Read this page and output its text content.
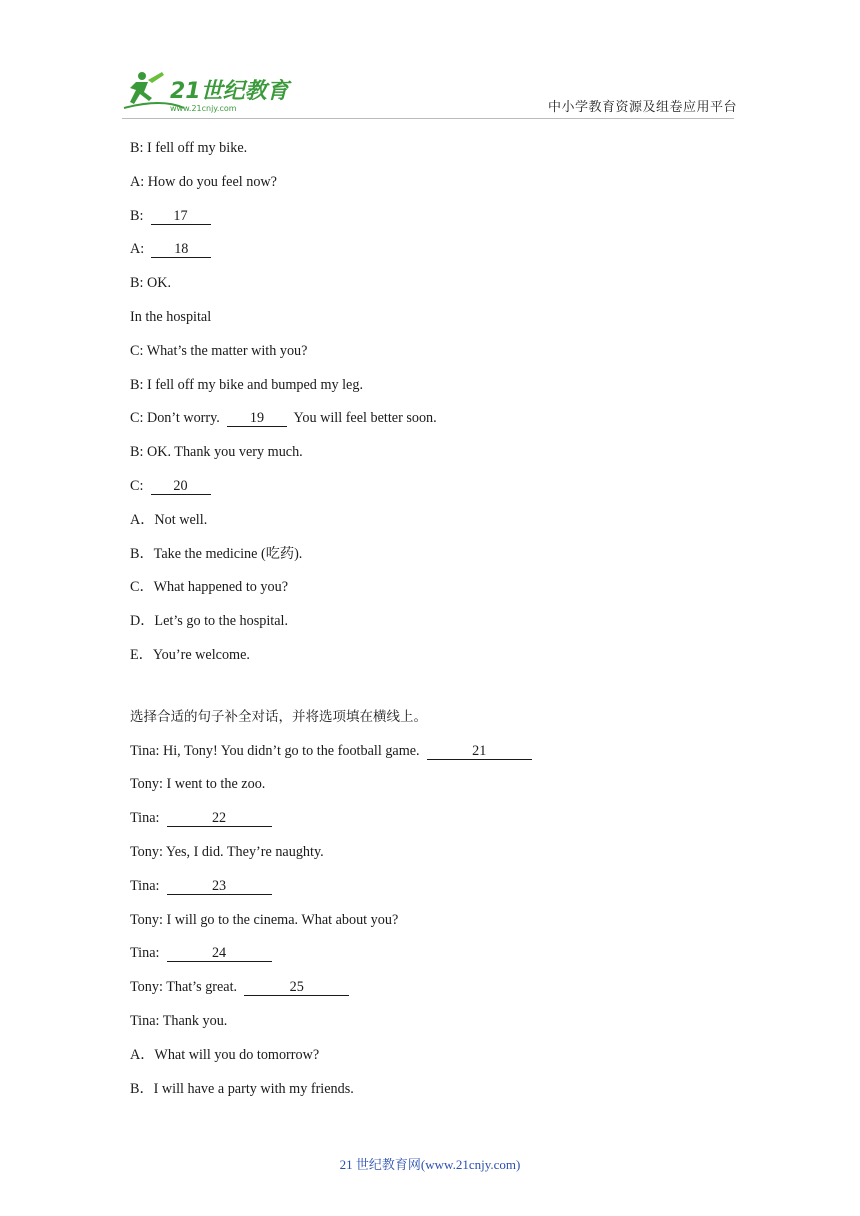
21世纪教育
www.21cnjy.com	中小学教育资源及组卷应用平台
B: I fell off my bike.
A: How do you feel now?
B:  17
A:  18
B: OK.
In the hospital
C: What’s the matter with you?
B: I fell off my bike and bumped my leg.
C: Don’t worry.  19  You will feel better soon.
B: OK. Thank you very much.
C:  20
A．Not well.
B．Take the medicine (吃药).
C．What happened to you?
D．Let’s go to the hospital.
E．You’re welcome.
选择合适的句子补全对话，并将选项填在横线上。
Tina: Hi, Tony! You didn’t go to the football game.	21
Tony: I went to the zoo.
Tina:	22
Tony: Yes, I did. They’re naughty.
Tina:	23
Tony: I will go to the cinema. What about you?
Tina:	24
Tony: That’s great.	25
Tina: Thank you.
A．What will you do tomorrow?
B．I will have a party with my friends.
21 世纪教育网(www.21cnjy.com)
